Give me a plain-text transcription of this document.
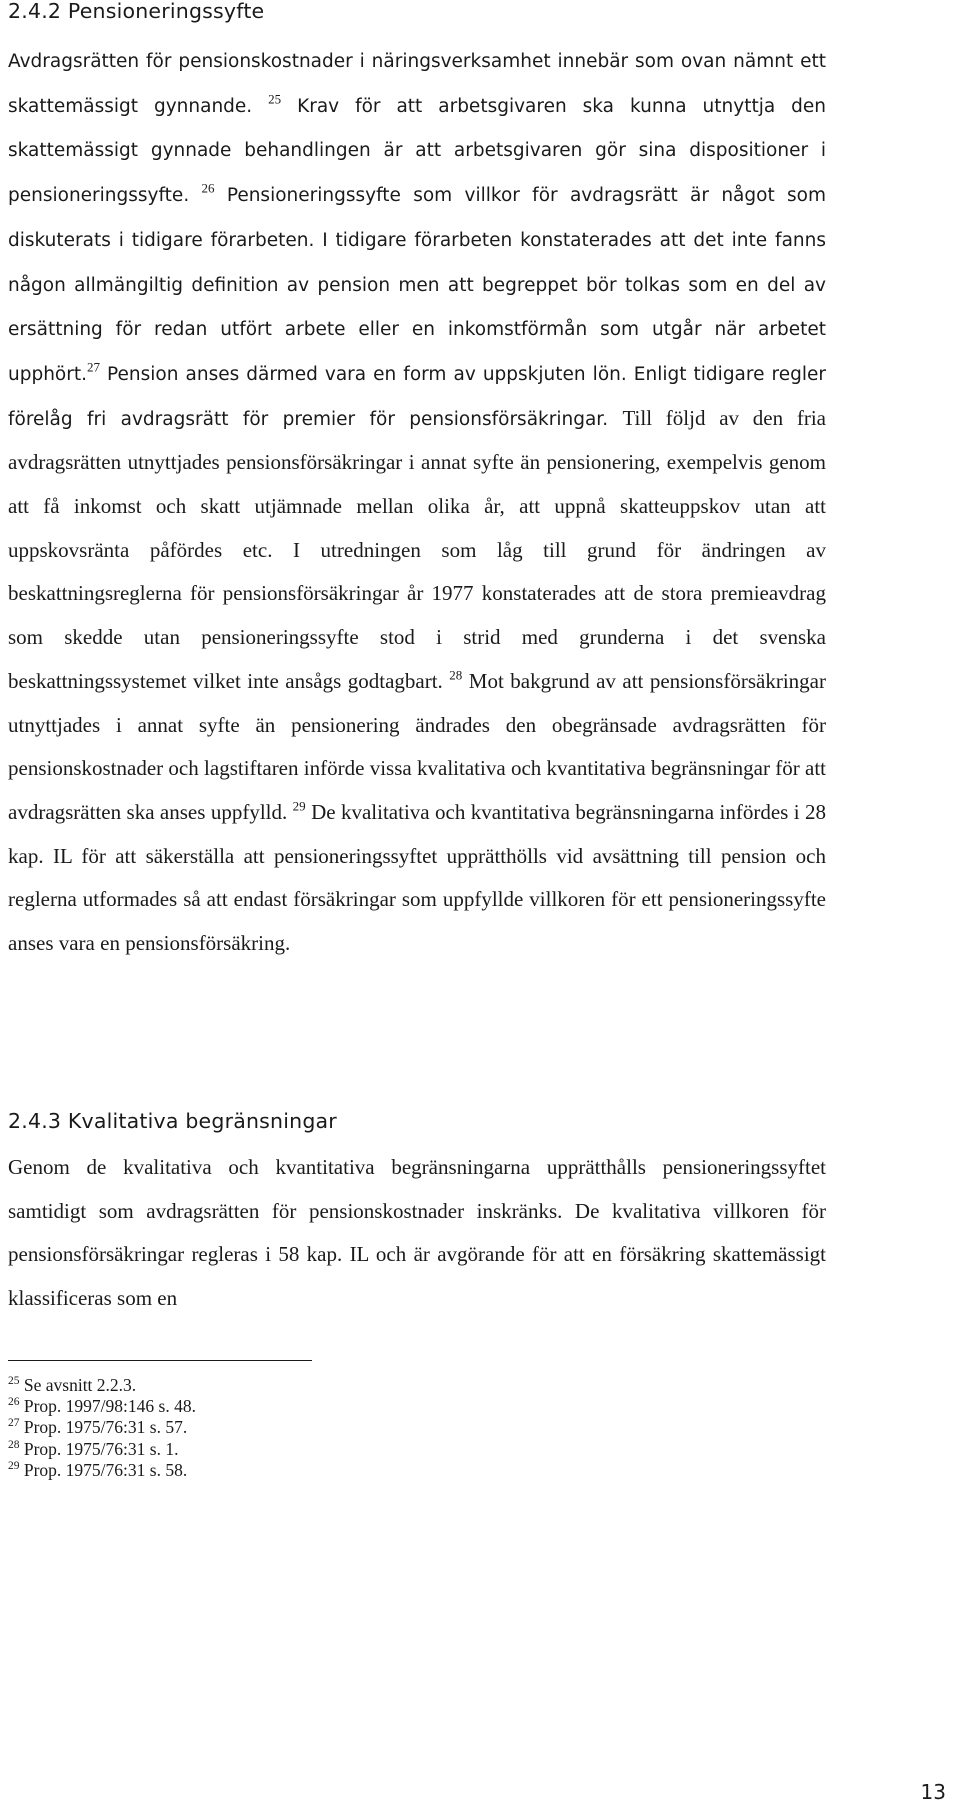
2.4.2 Pensioneringssyfte

Avdragsrätten för pensionskostnader i näringsverksamhet innebär som ovan nämnt ett skattemässigt gynnande. $^{25}$ Krav för att arbetsgivaren ska kunna utnyttja den skattemässigt gynnade behandlingen är att arbetsgivaren gör sina dispositioner i pensioneringssyfte. $^{26}$ Pensioneringssyfte som villkor för avdragsrätt är något som diskuterats i tidigare förarbeten. I tidigare förarbeten konstaterades att det inte fanns någon allmängiltig definition av pension men att begreppet bör tolkas som en del av ersättning för redan utfört arbete eller en inkomstförmån som utgår när arbetet upphört.$^{27}$ Pension anses därmed vara en form av uppskjuten lön. Enligt tidigare regler förelåg fri avdragsrätt för premier för pensionsförsäkringar. Till följd av den fria avdragsrätten utnyttjades pensionsförsäkringar i annat syfte än pensionering, exempelvis genom att få inkomst och skatt utjämnade mellan olika år, att uppnå skatteuppskov utan att uppskovsränta påfördes etc. I utredningen som låg till grund för ändringen av beskattningsreglerna för pensionsförsäkringar år 1977 konstaterades att de stora premieavdrag som skedde utan pensioneringssyfte stod i strid med grunderna i det svenska beskattningssystemet vilket inte ansågs godtagbart. $^{28}$ Mot bakgrund av att pensionsförsäkringar utnyttjades i annat syfte än pensionering ändrades den obegränsade avdragsrätten för pensionskostnader och lagstiftaren införde vissa kvalitativa och kvantitativa begränsningar för att avdragsrätten ska anses uppfylld. $^{29}$ De kvalitativa och kvantitativa begränsningarna infördes i 28 kap. IL för att säkerställa att pensioneringssyftet upprätthölls vid avsättning till pension och reglerna utformades så att endast försäkringar som uppfyllde villkoren för ett pensioneringssyfte anses vara en pensionsförsäkring.

2.4.3 Kvalitativa begränsningar

Genom de kvalitativa och kvantitativa begränsningarna upprätthålls pensioneringssyftet samtidigt som avdragsrätten för pensionskostnader inskränks. De kvalitativa villkoren för pensionsförsäkringar regleras i 58 kap. IL och är avgörande för att en försäkring skattemässigt klassificeras som en

$^{25}$ Se avsnitt 2.2.3.
$^{26}$ Prop. 1997/98:146 s. 48.
$^{27}$ Prop. 1975/76:31 s. 57.
$^{28}$ Prop. 1975/76:31 s. 1.
$^{29}$ Prop. 1975/76:31 s. 58.
13
